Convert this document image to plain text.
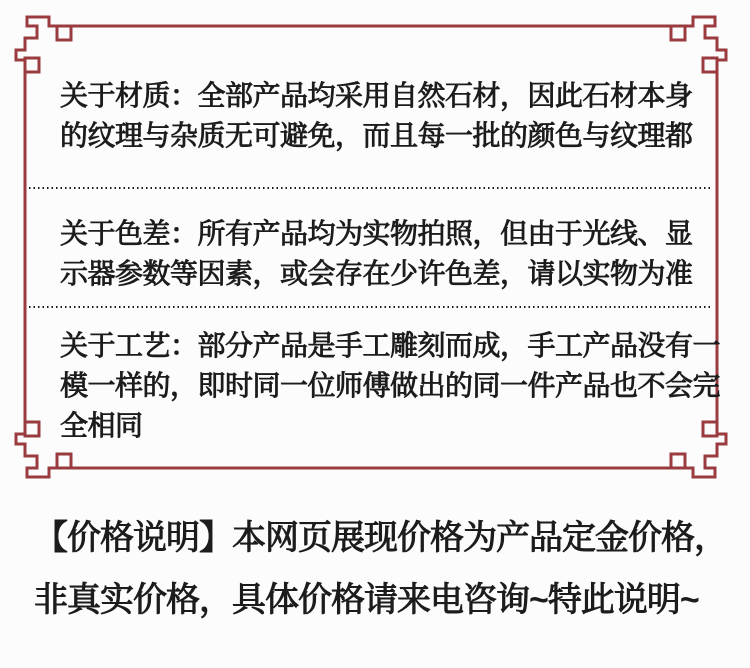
关于材质：全部产品均采用自然石材，因此石材本身
的纹理与杂质无可避免，而且每一批的颜色与纹理都
关于色差：所有产品均为实物拍照，但由于光线、显
示器参数等因素，或会存在少许色差，请以实物为准
关于工艺：部分产品是手工雕刻而成，手工产品没有一
模一样的，即时同一位师傅做出的同一件产品也不会完
全相同
【价格说明】本网页展现价格为产品定金价格，
非真实价格，具体价格请来电咨询~特此说明~
